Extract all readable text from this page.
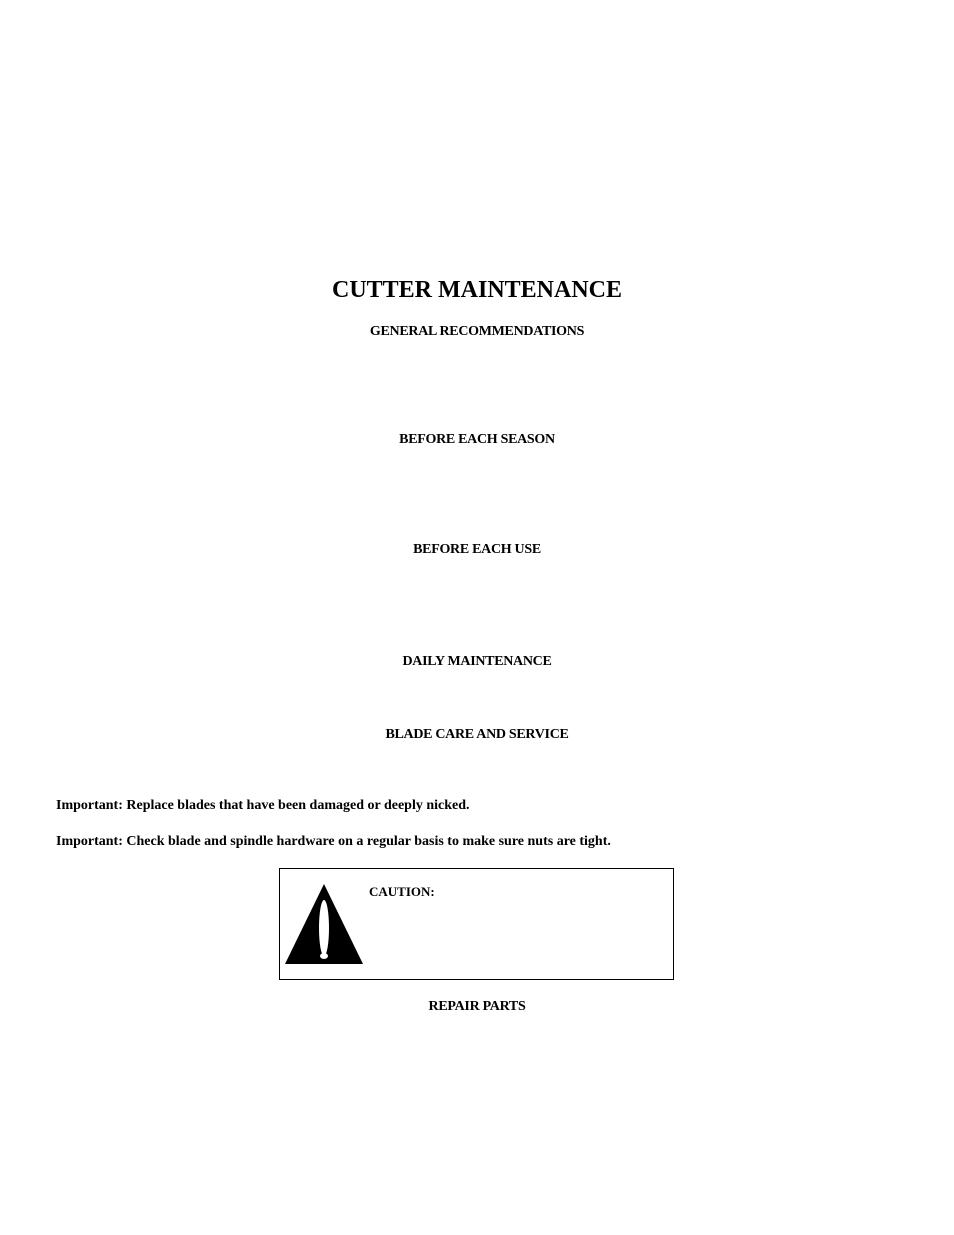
CUTTER MAINTENANCE
GENERAL RECOMMENDATIONS
BEFORE EACH SEASON
BEFORE EACH USE
DAILY MAINTENANCE
BLADE CARE AND SERVICE
Important: Replace blades that have been damaged or deeply nicked.
Important: Check blade and spindle hardware on a regular basis to make sure nuts are tight.
CAUTION:
REPAIR PARTS
